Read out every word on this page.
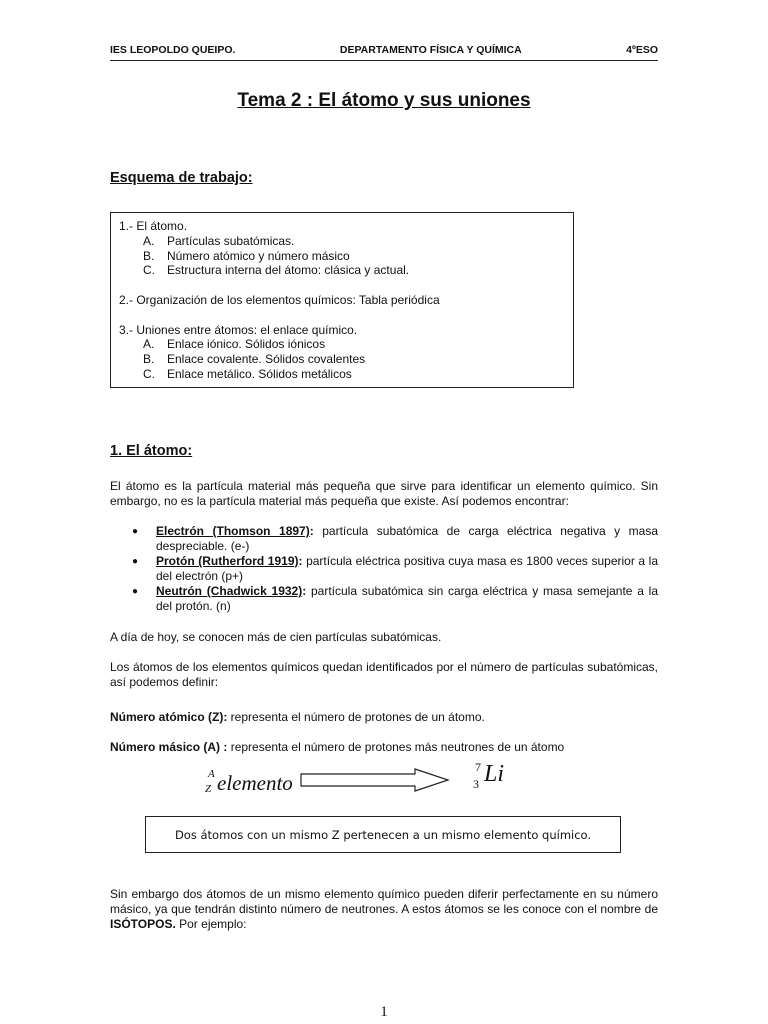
IES LEOPOLDO QUEIPO.	DEPARTAMENTO FÍSICA Y QUÍMICA	4ºESO
Tema 2 : El átomo y sus uniones
Esquema de trabajo:
1.- El átomo.
A.	Partículas subatómicas.
B.	Número atómico y número másico
C.	Estructura interna del átomo: clásica y actual.
2.- Organización de los elementos químicos: Tabla periódica
3.- Uniones entre átomos: el enlace químico.
A.	Enlace iónico. Sólidos iónicos
B.	Enlace covalente. Sólidos covalentes
C.	Enlace metálico. Sólidos metálicos
1. El átomo:
El átomo es la partícula material más pequeña que sirve para identificar un elemento químico. Sin embargo, no es la partícula material más pequeña que existe. Así podemos encontrar:
●	Electrón (Thomson 1897): partícula subatómica de carga eléctrica negativa y masa despreciable. (e-)
●	Protón (Rutherford 1919): partícula eléctrica positiva cuya masa es 1800 veces superior a la del electrón (p+)
●	Neutrón (Chadwick 1932): partícula subatómica sin carga eléctrica y masa semejante a la del protón. (n)
A día de hoy, se conocen más de cien partículas subatómicas.
Los átomos de los elementos químicos quedan identificados por el número de partículas subatómicas, así podemos definir:
Número atómico (Z): representa el número de protones de un átomo.
Número másico (A) : representa el número de protones más neutrones de un átomo
A
Z elemento
7
3 Li
Dos átomos con un mismo Z pertenecen a un mismo elemento químico.
Sin embargo dos átomos de un mismo elemento químico pueden diferir perfectamente en su número másico, ya que tendrán distinto número de neutrones. A estos átomos se les conoce con el nombre de ISÓTOPOS. Por ejemplo:
1
